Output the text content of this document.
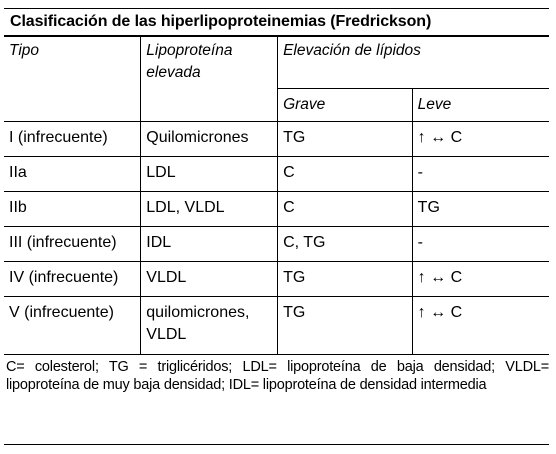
Clasificación de las hiperlipoproteinemias (Fredrickson)
Tipo	Lipoproteína elevada	Elevación de lípidos	
		Grave	Leve
I (infrecuente)	Quilomicrones	TG	↑ ↔ C
IIa	LDL	C	-
IIb	LDL, VLDL	C	TG
III (infrecuente)	IDL	C, TG	-
IV (infrecuente)	VLDL	TG	↑ ↔ C
V (infrecuente)	quilomicrones, VLDL	TG	↑ ↔ C
C= colesterol; TG = triglicéridos; LDL= lipoproteína de baja densidad; VLDL= lipoproteína de muy baja densidad; IDL= lipoproteína de densidad intermedia
